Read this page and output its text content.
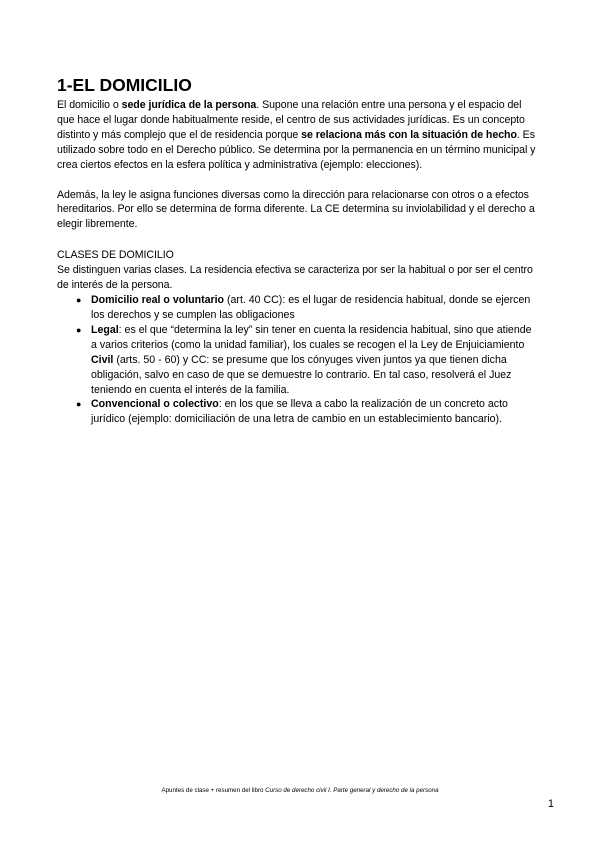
1-EL DOMICILIO

El domicilio o sede jurídica de la persona. Supone una relación entre una persona y el espacio del que hace el lugar donde habitualmente reside, el centro de sus actividades jurídicas. Es un concepto distinto y más complejo que el de residencia porque se relaciona más con la situación de hecho. Es utilizado sobre todo en el Derecho público. Se determina por la permanencia en un término municipal y crea ciertos efectos en la esfera política y administrativa (ejemplo: elecciones).

Además, la ley le asigna funciones diversas como la dirección para relacionarse con otros o a efectos hereditarios. Por ello se determina de forma diferente. La CE determina su inviolabilidad y el derecho a elegir libremente.

CLASES DE DOMICILIO

Se distinguen varias clases. La residencia efectiva se caracteriza por ser la habitual o por ser el centro de interés de la persona.

● Domicilio real o voluntario (art. 40 CC): es el lugar de residencia habitual, donde se ejercen los derechos y se cumplen las obligaciones
● Legal: es el que “determina la ley” sin tener en cuenta la residencia habitual, sino que atiende a varios criterios (como la unidad familiar), los cuales se recogen el la Ley de Enjuiciamiento Civil (arts. 50 - 60) y CC: se presume que los cónyuges viven juntos ya que tienen dicha obligación, salvo en caso de que se demuestre lo contrario. En tal caso, resolverá el Juez teniendo en cuenta el interés de la familia.
● Convencional o colectivo: en los que se lleva a cabo la realización de un concreto acto jurídico (ejemplo: domiciliación de una letra de cambio en un establecimiento bancario).
Apuntes de clase + resumen del libro Curso de derecho civil I. Parte general y derecho de la persona
1
